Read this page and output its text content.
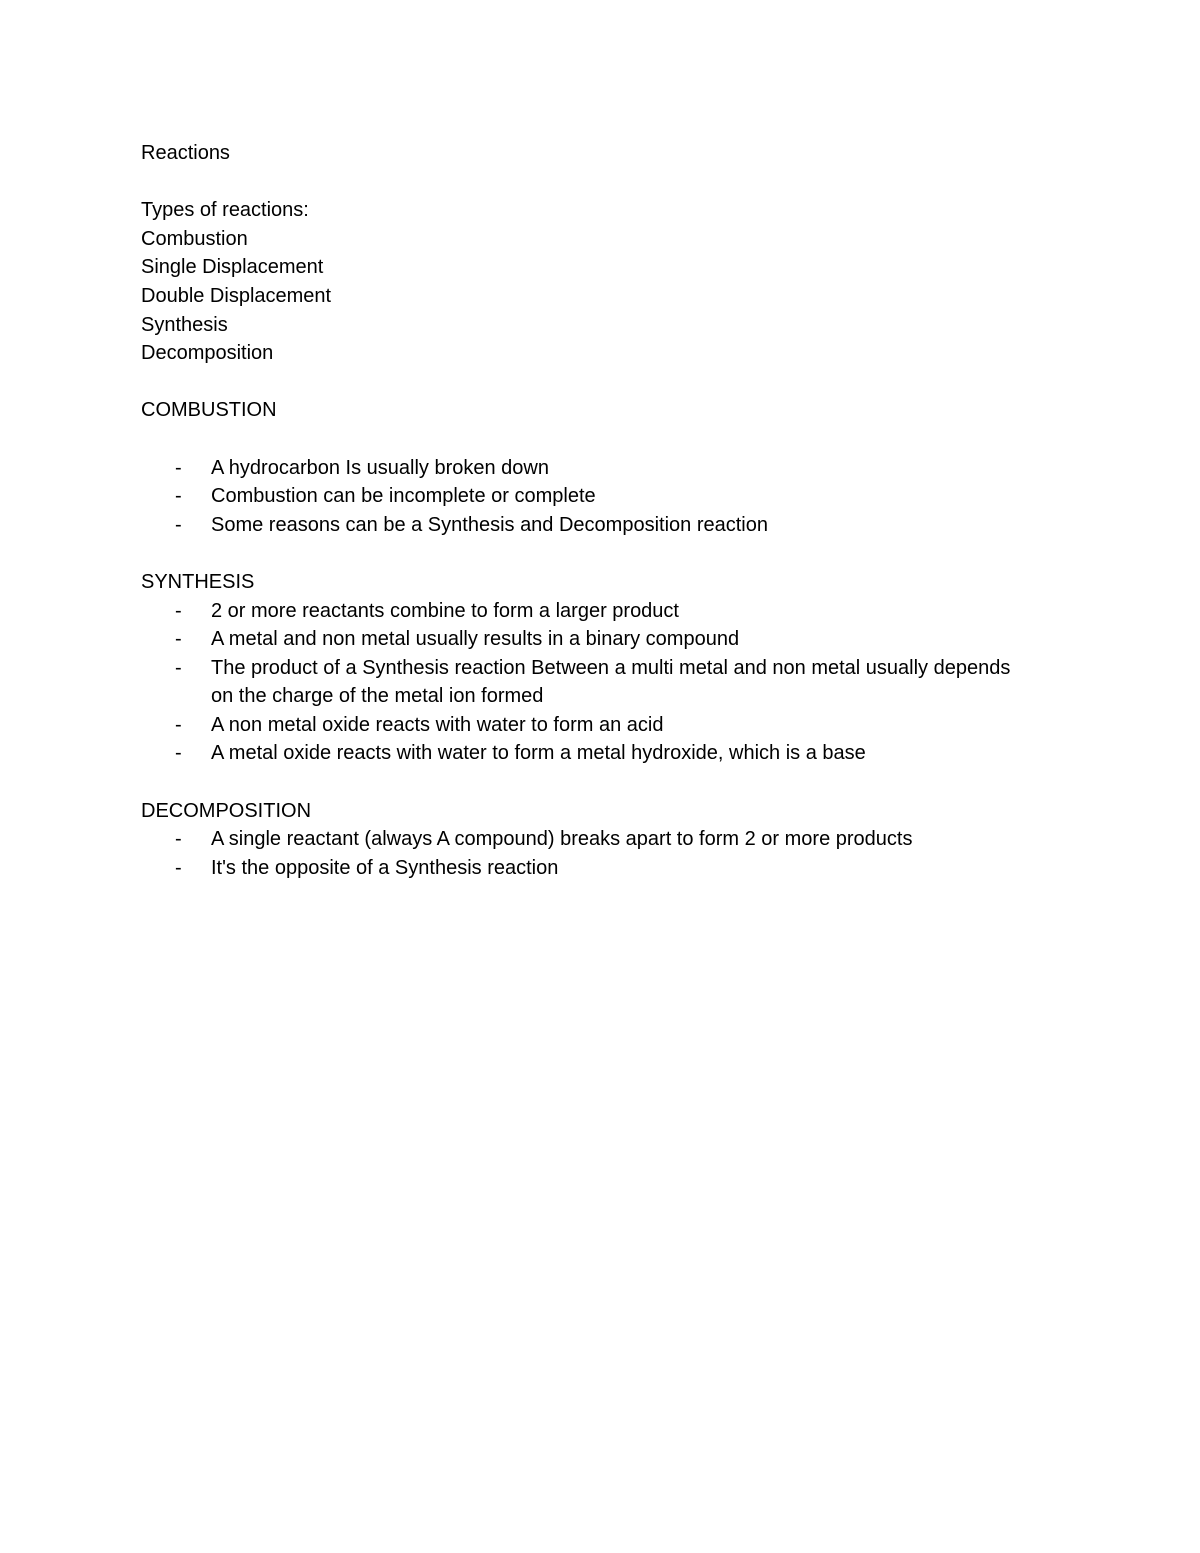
Reactions

Types of reactions:

Combustion

Single Displacement

Double Displacement

Synthesis

Decomposition

COMBUSTION

- A hydrocarbon Is usually broken down
- Combustion can be incomplete or complete
- Some reasons can be a Synthesis and Decomposition reaction

SYNTHESIS

- 2 or more reactants combine to form a larger product
- A metal and non metal usually results in a binary compound
- The product of a Synthesis reaction Between a multi metal and non metal usually depends on the charge of the metal ion formed
- A non metal oxide reacts with water to form an acid
- A metal oxide reacts with water to form a metal hydroxide, which is a base

DECOMPOSITION

- A single reactant (always A compound) breaks apart to form 2 or more products
- It's the opposite of a Synthesis reaction
